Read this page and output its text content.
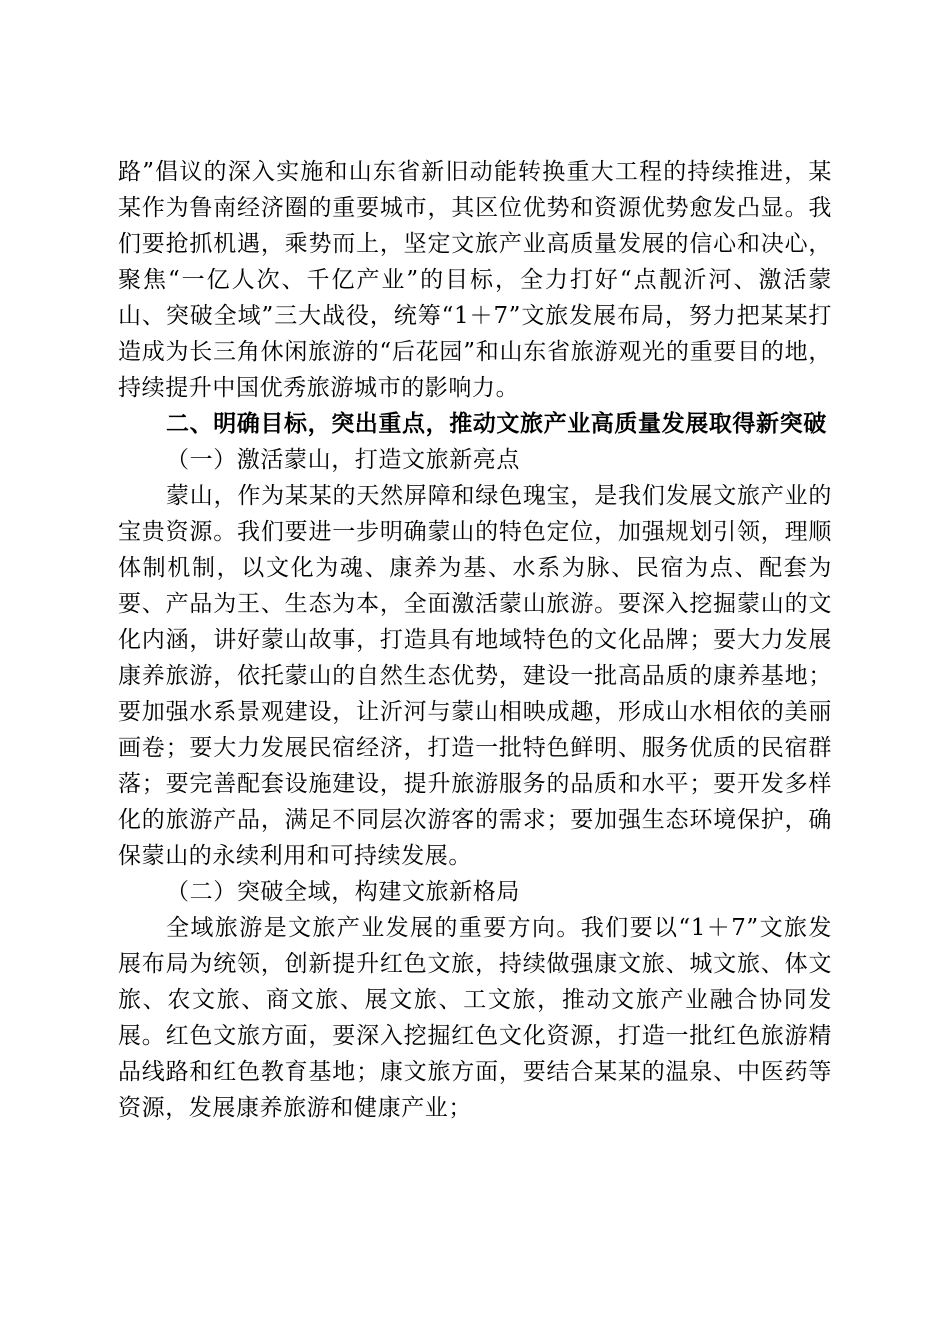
路”倡议的深入实施和山东省新旧动能转换重大工程的持续推进，某某作为鲁南经济圈的重要城市，其区位优势和资源优势愈发凸显。我们要抢抓机遇，乘势而上，坚定文旅产业高质量发展的信心和决心，聚焦“一亿人次、千亿产业”的目标，全力打好“点靓沂河、激活蒙山、突破全域”三大战役，统筹“1＋7”文旅发展布局，努力把某某打造成为长三角休闲旅游的“后花园”和山东省旅游观光的重要目的地，持续提升中国优秀旅游城市的影响力。

二、明确目标，突出重点，推动文旅产业高质量发展取得新突破

（一）激活蒙山，打造文旅新亮点

蒙山，作为某某的天然屏障和绿色瑰宝，是我们发展文旅产业的宝贵资源。我们要进一步明确蒙山的特色定位，加强规划引领，理顺体制机制，以文化为魂、康养为基、水系为脉、民宿为点、配套为要、产品为王、生态为本，全面激活蒙山旅游。要深入挖掘蒙山的文化内涵，讲好蒙山故事，打造具有地域特色的文化品牌；要大力发展康养旅游，依托蒙山的自然生态优势，建设一批高品质的康养基地；要加强水系景观建设，让沂河与蒙山相映成趣，形成山水相依的美丽画卷；要大力发展民宿经济，打造一批特色鲜明、服务优质的民宿群落；要完善配套设施建设，提升旅游服务的品质和水平；要开发多样化的旅游产品，满足不同层次游客的需求；要加强生态环境保护，确保蒙山的永续利用和可持续发展。

（二）突破全域，构建文旅新格局

全域旅游是文旅产业发展的重要方向。我们要以“1＋7”文旅发展布局为统领，创新提升红色文旅，持续做强康文旅、城文旅、体文旅、农文旅、商文旅、展文旅、工文旅，推动文旅产业融合协同发展。红色文旅方面，要深入挖掘红色文化资源，打造一批红色旅游精品线路和红色教育基地；康文旅方面，要结合某某的温泉、中医药等资源，发展康养旅游和健康产业；
